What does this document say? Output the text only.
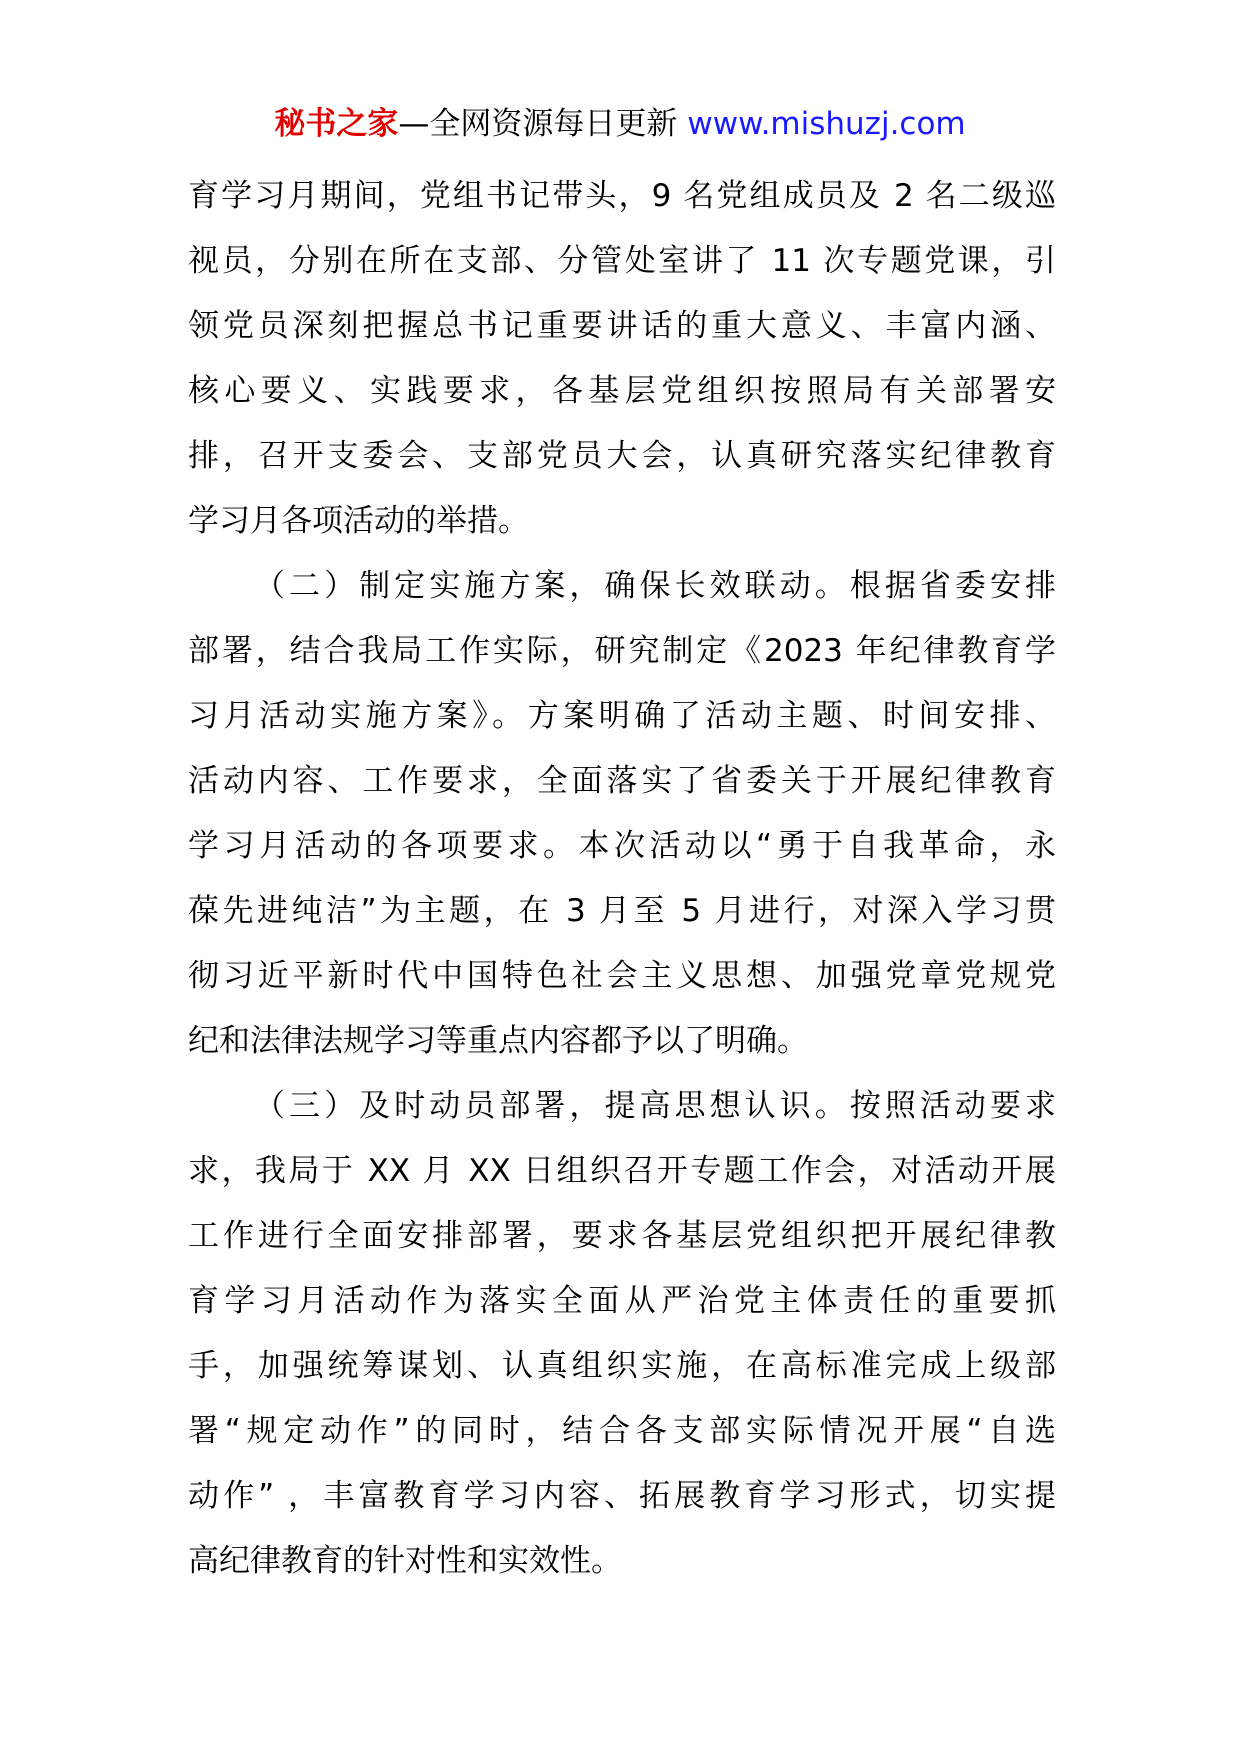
秘书之家—全网资源每日更新 www.mishuzj.com
育学习月期间，党组书记带头，9 名党组成员及 2 名二级巡
视员，分别在所在支部、分管处室讲了 11 次专题党课，引
领党员深刻把握总书记重要讲话的重大意义、丰富内涵、
核心要义、实践要求，各基层党组织按照局有关部署安
排，召开支委会、支部党员大会，认真研究落实纪律教育
学习月各项活动的举措。
（二）制定实施方案，确保长效联动。根据省委安排
部署，结合我局工作实际，研究制定《2023 年纪律教育学
习月活动实施方案》。方案明确了活动主题、时间安排、
活动内容、工作要求，全面落实了省委关于开展纪律教育
学习月活动的各项要求。本次活动以“勇于自我革命，永
葆先进纯洁”为主题，在 3 月至 5 月进行，对深入学习贯
彻习近平新时代中国特色社会主义思想、加强党章党规党
纪和法律法规学习等重点内容都予以了明确。
（三）及时动员部署，提高思想认识。按照活动要求
求，我局于 XX 月 XX 日组织召开专题工作会，对活动开展
工作进行全面安排部署，要求各基层党组织把开展纪律教
育学习月活动作为落实全面从严治党主体责任的重要抓
手，加强统筹谋划、认真组织实施，在高标准完成上级部
署“规定动作”的同时，结合各支部实际情况开展“自选
动作” ，丰富教育学习内容、拓展教育学习形式，切实提
高纪律教育的针对性和实效性。
